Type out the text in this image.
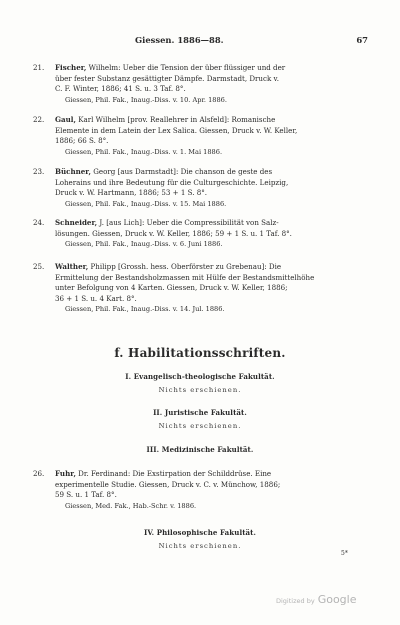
Giessen. 1886—88.	67
21.	Fischer, Wilhelm: Ueber die Tension der über flüssiger und der
über fester Substanz gesättigter Dämpfe. Darmstadt, Druck v.
C. F. Winter, 1886; 41 S. u. 3 Taf. 8°.
Giessen, Phil. Fak., Inaug.-Diss. v. 10. Apr. 1886.
22.	Gaul, Karl Wilhelm [prov. Reallehrer in Alsfeld]: Romanische
Elemente in dem Latein der Lex Salica. Giessen, Druck v. W. Keller,
1886; 66 S. 8°.
Giessen, Phil. Fak., Inaug.-Diss. v. 1. Mai 1886.
23.	Büchner, Georg [aus Darmstadt]: Die chanson de geste des
Loherains und ihre Bedeutung für die Culturgeschichte. Leipzig,
Druck v. W. Hartmann, 1886; 53 + 1 S. 8°.
Giessen, Phil. Fak., Inaug.-Diss. v. 15. Mai 1886.
24.	Schneider, J. [aus Lich]: Ueber die Compressibilität von Salz-
lösungen. Giessen, Druck v. W. Keller, 1886; 59 + 1 S. u. 1 Taf. 8°.
Giessen, Phil. Fak., Inaug.-Diss. v. 6. Juni 1886.
25.	Walther, Philipp [Grossh. hess. Oberförster zu Grebenau]: Die
Ermittelung der Bestandsholzmassen mit Hülfe der Bestandsmittelhöhe
unter Befolgung von 4 Karten. Giessen, Druck v. W. Keller, 1886;
36 + 1 S. u. 4 Kart. 8°.
Giessen, Phil. Fak., Inaug.-Diss. v. 14. Jul. 1886.
f. Habilitationsschriften.
I. Evangelisch-theologische Fakultät.
Nichts erschienen.
II. Juristische Fakultät.
Nichts erschienen.
III. Medizinische Fakultät.
26.	Fuhr, Dr. Ferdinand: Die Exstirpation der Schilddrüse. Eine
experimentelle Studie. Giessen, Druck v. C. v. Münchow, 1886;
59 S. u. 1 Taf. 8°.
Giessen, Med. Fak., Hab.-Schr. v. 1886.
IV. Philosophische Fakultät.
Nichts erschienen.
5*
Digitized by Google
